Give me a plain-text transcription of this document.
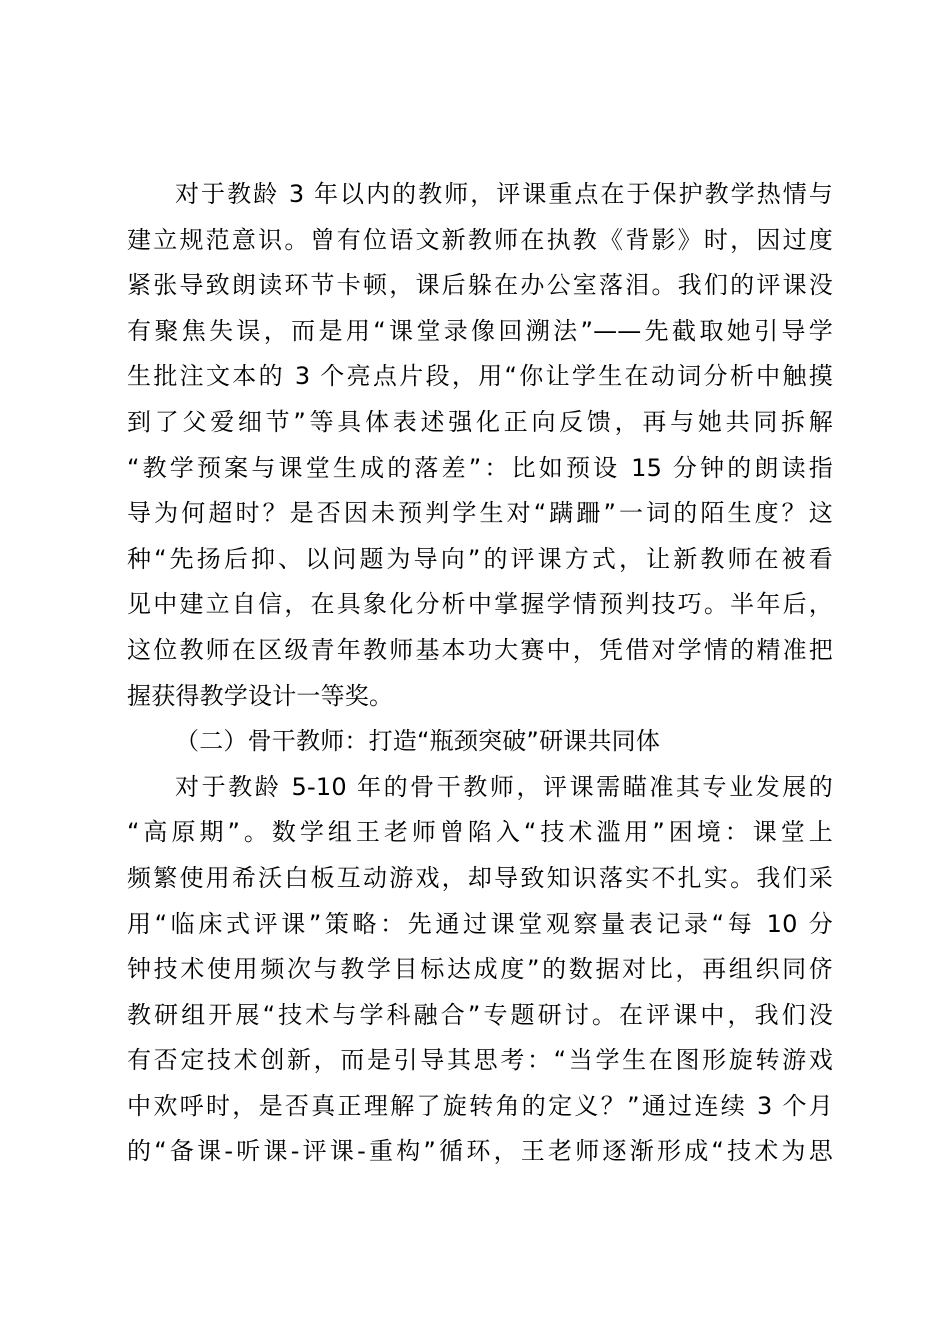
对于教龄 3 年以内的教师，评课重点在于保护教学热情与
建立规范意识。曾有位语文新教师在执教《背影》时，因过度
紧张导致朗读环节卡顿，课后躲在办公室落泪。我们的评课没
有聚焦失误，而是用“课堂录像回溯法”——先截取她引导学
生批注文本的 3 个亮点片段，用“你让学生在动词分析中触摸
到了父爱细节”等具体表述强化正向反馈，再与她共同拆解
“教学预案与课堂生成的落差”：比如预设 15 分钟的朗读指
导为何超时？是否因未预判学生对“蹒跚”一词的陌生度？这
种“先扬后抑、以问题为导向”的评课方式，让新教师在被看
见中建立自信，在具象化分析中掌握学情预判技巧。半年后，
这位教师在区级青年教师基本功大赛中，凭借对学情的精准把
握获得教学设计一等奖。
（二）骨干教师：打造“瓶颈突破”研课共同体
对于教龄 5-10 年的骨干教师，评课需瞄准其专业发展的
“高原期”。数学组王老师曾陷入“技术滥用”困境：课堂上
频繁使用希沃白板互动游戏，却导致知识落实不扎实。我们采
用“临床式评课”策略：先通过课堂观察量表记录“每 10 分
钟技术使用频次与教学目标达成度”的数据对比，再组织同侪
教研组开展“技术与学科融合”专题研讨。在评课中，我们没
有否定技术创新，而是引导其思考：“当学生在图形旋转游戏
中欢呼时，是否真正理解了旋转角的定义？”通过连续 3 个月
的“备课-听课-评课-重构”循环，王老师逐渐形成“技术为思
